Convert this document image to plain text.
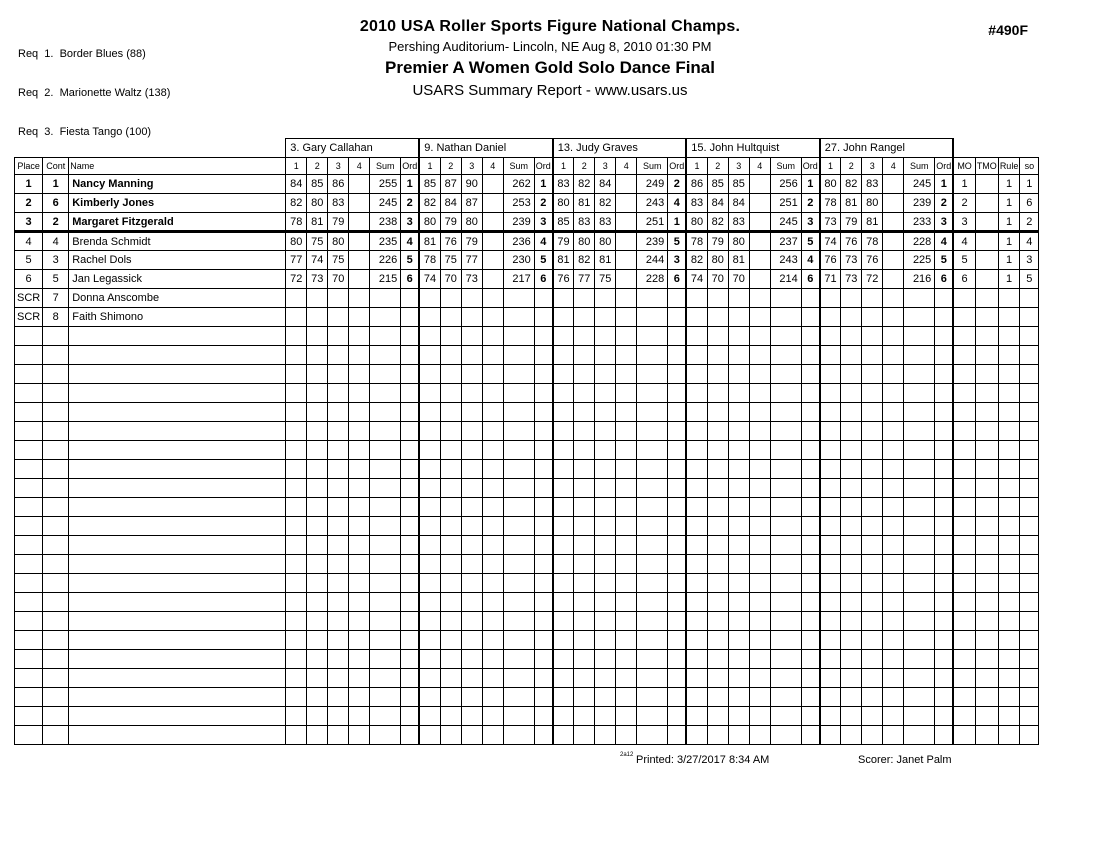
Req  1.  Border Blues (88)

Req  2.  Marionette Waltz (138)

Req  3.  Fiesta Tango (100)

2010 USA Roller Sports Figure National Champs.
Pershing Auditorium- Lincoln, NE Aug 8, 2010 01:30 PM
Premier A Women Gold Solo Dance Final
USARS Summary Report - www.usars.us
#490F
			3. Gary Callahan						9. Nathan Daniel						13. Judy Graves						15. John Hultquist						27. John Rangel									
Place	Cont	Name	1	2	3	4	Sum	Ord	1	2	3	4	Sum	Ord	1	2	3	4	Sum	Ord	1	2	3	4	Sum	Ord	1	2	3	4	Sum	Ord	MO	TMO	Rule	so
1	1	Nancy Manning	84	85	86		255	1	85	87	90		262	1	83	82	84		249	2	86	85	85		256	1	80	82	83		245	1	1		1	1
2	6	Kimberly Jones	82	80	83		245	2	82	84	87		253	2	80	81	82		243	4	83	84	84		251	2	78	81	80		239	2	2		1	6
3	2	Margaret Fitzgerald	78	81	79		238	3	80	79	80		239	3	85	83	83		251	1	80	82	83		245	3	73	79	81		233	3	3		1	2
4	4	Brenda Schmidt	80	75	80		235	4	81	76	79		236	4	79	80	80		239	5	78	79	80		237	5	74	76	78		228	4	4		1	4
5	3	Rachel Dols	77	74	75		226	5	78	75	77		230	5	81	82	81		244	3	82	80	81		243	4	76	73	76		225	5	5		1	3
6	5	Jan Legassick	72	73	70		215	6	74	70	73		217	6	76	77	75		228	6	74	70	70		214	6	71	73	72		216	6	6		1	5
SCR	7	Donna Anscombe																																		
SCR	8	Faith Shimono																																		

2a12 Printed: 3/27/2017 8:34 AM	Scorer: Janet Palm
